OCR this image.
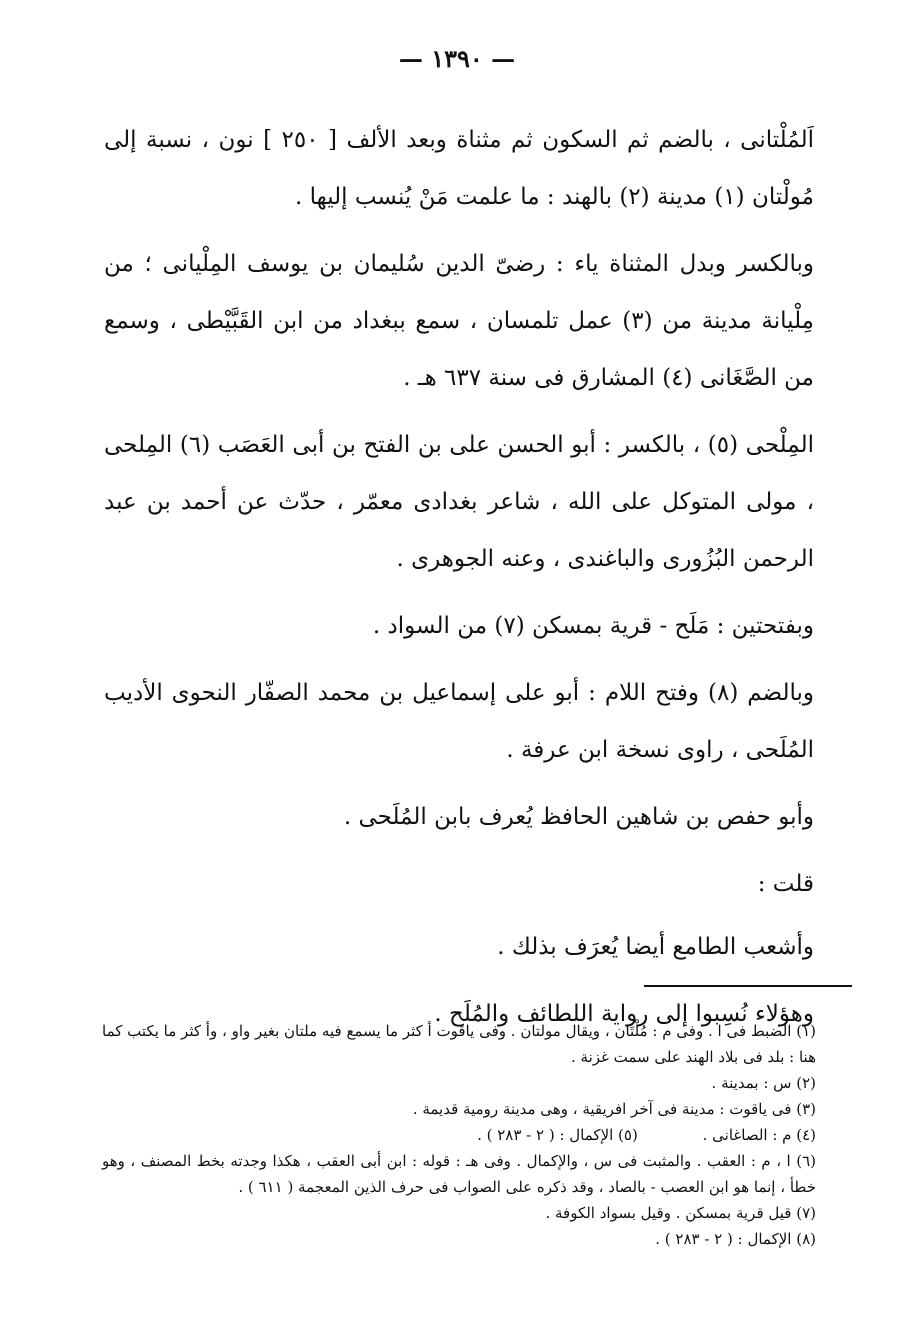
— ١٣٩٠ —

اَلمُلْتانى ، بالضم ثم السكون ثم مثناة وبعد الألف [ ٢٥٠ ] نون ، نسبة إلى مُولْتان (١) مدينة (٢) بالهند : ما علمت مَنْ يُنسب إليها .

وبالكسر وبدل المثناة ياء : رضىّ الدين سُليمان بن يوسف المِلْيانى ؛ من مِلْيانة مدينة من (٣) عمل تلمسان ، سمع ببغداد من ابن القَبَّيْطى ، وسمع من الصَّغَانى (٤) المشارق فى سنة ٦٣٧ هـ .

المِلْحى (٥) ، بالكسر : أبو الحسن على بن الفتح بن أبى العَصَب (٦) المِلحى ، مولى المتوكل على الله ، شاعر بغدادى معمّر ، حدّث عن أحمد بن عبد الرحمن البُزُورى والباغندى ، وعنه الجوهرى .

وبفتحتين : مَلَح - قرية بمسكن (٧) من السواد .

وبالضم (٨) وفتح اللام : أبو على إسماعيل بن محمد الصفّار النحوى الأديب المُلَحى ، راوى نسخة ابن عرفة .

وأبو حفص بن شاهين الحافظ يُعرف بابن المُلَحى .

قلت :

وأشعب الطامع أيضا يُعرَف بذلك .

وهؤلاء نُسِبوا إلى رواية اللطائف والمُلَح .

(١) الضبط فى ا . وفى م : مُلْتَان ، ويقال مولتان . وفى ياقوت أ كثر ما يسمع فيه ملتان بغير واو ، وأ كثر ما يكتب كما هنا : بلد فى بلاد الهند على سمت غزنة .

(٢) س : بمدينة .

(٣) فى ياقوت : مدينة فى آخر افريقية ، وهى مدينة رومية قديمة .

(٤) م : الصاغانى . (٥) الإكمال : ( ٢ - ٢٨٣ ) .

(٦) ا ، م : العقب . والمثبت فى س ، والإكمال . وفى هـ : قوله : ابن أبى العقب ، هكذا وجدته بخط المصنف ، وهو خطأ ، إنما هو ابن العصب - بالصاد ، وقد ذكره على الصواب فى حرف الذين المعجمة ( ٦١١ ) .

(٧) قيل قرية بمسكن . وقيل بسواد الكوفة .

(٨) الإكمال : ( ٢ - ٢٨٣ ) .
